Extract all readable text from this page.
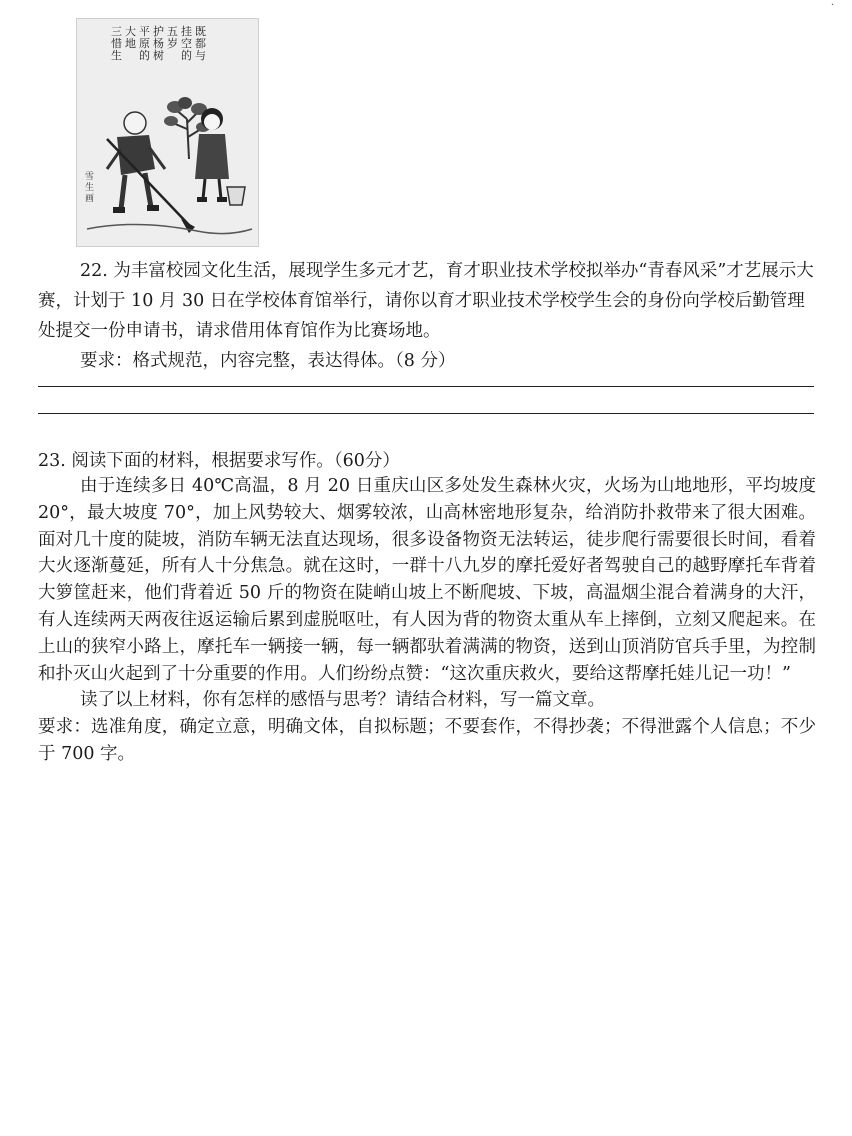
·
既都与
挂空的
五岁
护杨树
平原的
大地
三惜生
雪生画

22. 为丰富校园文化生活，展现学生多元才艺，育才职业技术学校拟举办“青春风采”才艺展示大赛，计划于 10 月 30 日在学校体育馆举行，请你以育才职业技术学校学生会的身份向学校后勤管理处提交一份申请书，请求借用体育馆作为比赛场地。

要求：格式规范，内容完整，表达得体。（8 分）

23. 阅读下面的材料，根据要求写作。（60分）

由于连续多日 40℃高温，8 月 20 日重庆山区多处发生森林火灾，火场为山地地形，平均坡度 20°，最大坡度 70°，加上风势较大、烟雾较浓，山高林密地形复杂，给消防扑救带来了很大困难。面对几十度的陡坡，消防车辆无法直达现场，很多设备物资无法转运，徒步爬行需要很长时间，看着大火逐渐蔓延，所有人十分焦急。就在这时，一群十八九岁的摩托爱好者驾驶自己的越野摩托车背着大箩筐赶来，他们背着近 50 斤的物资在陡峭山坡上不断爬坡、下坡，高温烟尘混合着满身的大汗，有人连续两天两夜往返运输后累到虚脱呕吐，有人因为背的物资太重从车上摔倒，立刻又爬起来。在上山的狭窄小路上，摩托车一辆接一辆，每一辆都驮着满满的物资，送到山顶消防官兵手里，为控制和扑灭山火起到了十分重要的作用。人们纷纷点赞：“这次重庆救火，要给这帮摩托娃儿记一功！”

读了以上材料，你有怎样的感悟与思考？请结合材料，写一篇文章。

要求：选准角度，确定立意，明确文体，自拟标题；不要套作，不得抄袭；不得泄露个人信息；不少于 700 字。
